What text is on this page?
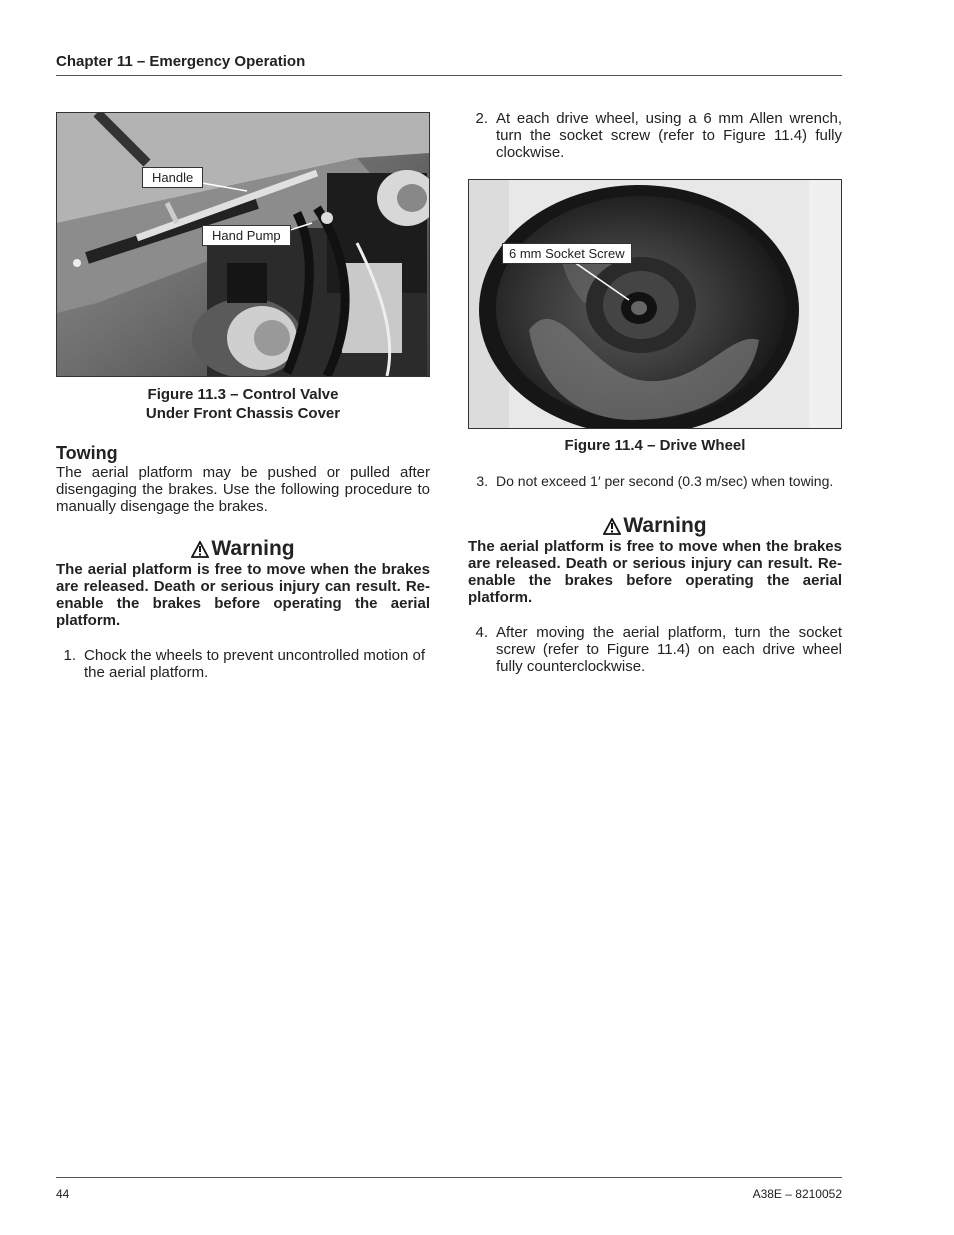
Chapter 11 – Emergency Operation
Handle
Hand Pump
Figure 11.3 – Control Valve
Under Front Chassis Cover
Towing

The aerial platform may be pushed or pulled after disengaging the brakes. Use the following procedure to manually disengage the brakes.

Warning

The aerial platform is free to move when the brakes are released. Death or serious injury can result. Re-enable the brakes before operating the aerial platform.

1. Chock the wheels to prevent uncontrolled motion of the aerial platform.
2. At each drive wheel, using a 6 mm Allen wrench, turn the socket screw (refer to Figure 11.4) fully clockwise.
6 mm Socket Screw
Figure 11.4 – Drive Wheel
3. Do not exceed 1′ per second (0.3 m/sec) when towing.
Warning

The aerial platform is free to move when the brakes are released. Death or serious injury can result. Re-enable the brakes before operating the aerial platform.

4. After moving the aerial platform, turn the socket screw (refer to Figure 11.4) on each drive wheel fully counterclockwise.
44	A38E – 8210052
